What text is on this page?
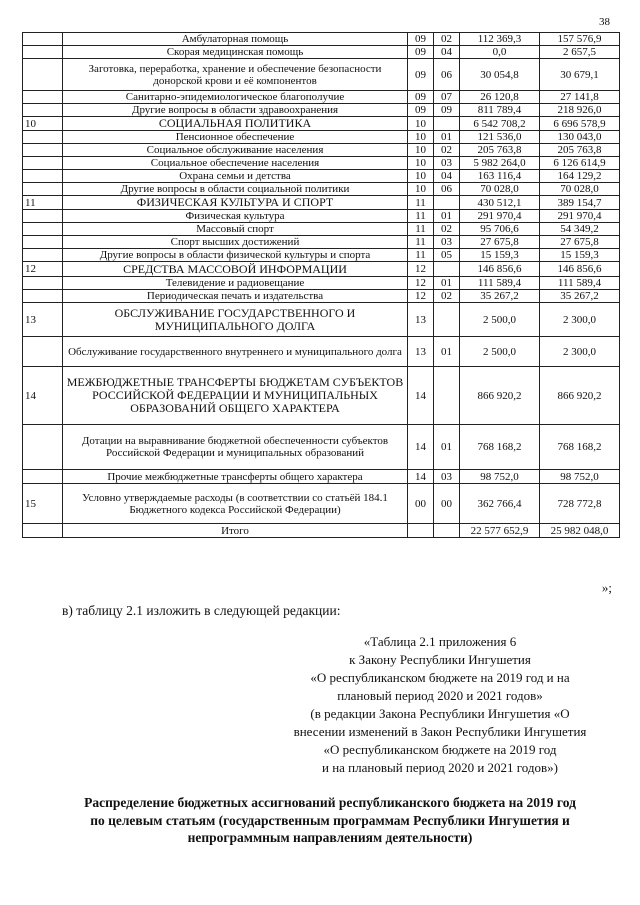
38
	Амбулаторная помощь	09	02	112 369,3	157 576,9
	Скорая медицинская помощь	09	04	0,0	2 657,5
	Заготовка, переработка, хранение и обеспечение безопасности донорской крови и её компонентов	09	06	30 054,8	30 679,1
	Санитарно-эпидемиологическое благополучие	09	07	26 120,8	27 141,8
	Другие вопросы в области здравоохранения	09	09	811 789,4	218 926,0
10	СОЦИАЛЬНАЯ ПОЛИТИКА	10		6 542 708,2	6 696 578,9
	Пенсионное обеспечение	10	01	121 536,0	130 043,0
	Социальное обслуживание населения	10	02	205 763,8	205 763,8
	Социальное обеспечение населения	10	03	5 982 264,0	6 126 614,9
	Охрана семьи и детства	10	04	163 116,4	164 129,2
	Другие вопросы в области социальной политики	10	06	70 028,0	70 028,0
11	ФИЗИЧЕСКАЯ КУЛЬТУРА И СПОРТ	11		430 512,1	389 154,7
	Физическая культура	11	01	291 970,4	291 970,4
	Массовый спорт	11	02	95 706,6	54 349,2
	Спорт высших достижений	11	03	27 675,8	27 675,8
	Другие вопросы в области физической культуры и спорта	11	05	15 159,3	15 159,3
12	СРЕДСТВА МАССОВОЙ ИНФОРМАЦИИ	12		146 856,6	146 856,6
	Телевидение и радиовещание	12	01	111 589,4	111 589,4
	Периодическая печать и издательства	12	02	35 267,2	35 267,2
13	ОБСЛУЖИВАНИЕ ГОСУДАРСТВЕННОГО И МУНИЦИПАЛЬНОГО ДОЛГА	13		2 500,0	2 300,0
	Обслуживание государственного внутреннего и муниципального долга	13	01	2 500,0	2 300,0
14	МЕЖБЮДЖЕТНЫЕ ТРАНСФЕРТЫ БЮДЖЕТАМ СУБЪЕКТОВ РОССИЙСКОЙ ФЕДЕРАЦИИ И МУНИЦИПАЛЬНЫХ ОБРАЗОВАНИЙ ОБЩЕГО ХАРАКТЕРА	14		866 920,2	866 920,2
	Дотации на выравнивание бюджетной обеспеченности субъектов Российской Федерации и муниципальных образований	14	01	768 168,2	768 168,2
	Прочие межбюджетные трансферты общего характера	14	03	98 752,0	98 752,0
15	Условно утверждаемые расходы (в соответствии со статьёй 184.1 Бюджетного кодекса Российской Федерации)	00	00	362 766,4	728 772,8
	Итого			22 577 652,9	25 982 048,0
»;
в) таблицу 2.1 изложить в следующей редакции:
«Таблица 2.1 приложения 6
к Закону Республики Ингушетия
«О республиканском бюджете на 2019 год и на
плановый период 2020 и 2021 годов»
(в редакции Закона Республики Ингушетия «О
внесении изменений в Закон Республики Ингушетия
«О республиканском бюджете на 2019 год
и на плановый период 2020 и 2021 годов»)
Распределение бюджетных ассигнований республиканского бюджета на 2019 год
по целевым статьям (государственным программам Республики Ингушетия и
непрограммным направлениям деятельности)
